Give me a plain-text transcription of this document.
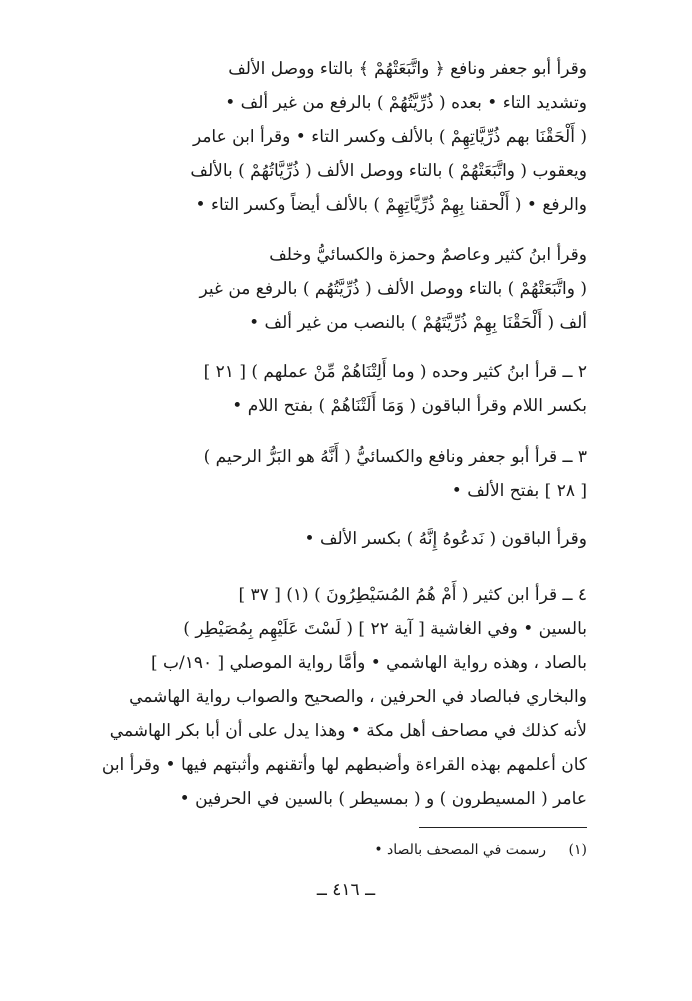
وقرأ أبو جعفر ونافع ﴿ واتَّبَعَتْهُمْ ﴾ بالتاء ووصل الألف
وتشديد التاء • بعده ( ذُرِّيَّتُهُمْ ) بالرفع من غير ألف •
( أَلْحَقْنَا بهم ذُرِّيَّاتِهِمْ ) بالألف وكسر التاء • وقرأ ابن عامر
ويعقوب ( واتَّبَعَتْهُمْ ) بالتاء ووصل الألف ( ذُرِّيَّاتُهُمْ ) بالألف
والرفع • ( أَلْحقنا بِهِمْ ذُرِّيَّاتِهِمْ ) بالألف أيضاً وكسر التاء •
وقرأ ابنُ كثير وعاصمٌ وحمزة والكسائيُّ وخلف
( واتَّبَعَتْهُمْ ) بالتاء ووصل الألف ( ذُرِّيَّتُهُم ) بالرفع من غير
ألف ( أَلْحَقْنَا بِهِمْ ذُرِّيَّتَهُمْ ) بالنصب من غير ألف •
٢ ــ قرأ ابنُ كثير وحده ( وما أَلِتْنَاهُمْ مِّنْ عملهم ) [ ٢١ ]
بكسر اللام وقرأ الباقون ( وَمَا أَلَتْنَاهُمْ ) بفتح اللام •
٣ ــ قرأ أبو جعفر ونافع والكسائيُّ ( أَنَّهُ هو البَرُّ الرحيم )
[ ٢٨ ] بفتح الألف •
وقرأ الباقون ( نَدعُوهُ إِنَّهُ ) بكسر الألف •
٤ ــ قرأ ابن كثير ( أَمْ هُمُ المُسَيْطِرُونَ ) (١) [ ٣٧ ]
بالسين • وفي الغاشية [ آية ٢٢ ] ( لَسْتَ عَلَيْهِم بِمُصَيْطِر )
بالصاد ، وهذه رواية الهاشمي • وأمَّا رواية الموصلي [ ١٩٠/ب ]
والبخاري فبالصاد في الحرفين ، والصحيح والصواب رواية الهاشمي
لأنه كذلك في مصاحف أهل مكة • وهذا يدل على أن أبا بكر الهاشمي
كان أعلمهم بهذه القراءة وأضبطهم لها وأتقنهم وأثبتهم فيها • وقرأ ابن
عامر ( المسيطرون ) و ( بمسيطر ) بالسين في الحرفين •
(١) رسمت في المصحف بالصاد •
ــ ٤١٦ ــ
